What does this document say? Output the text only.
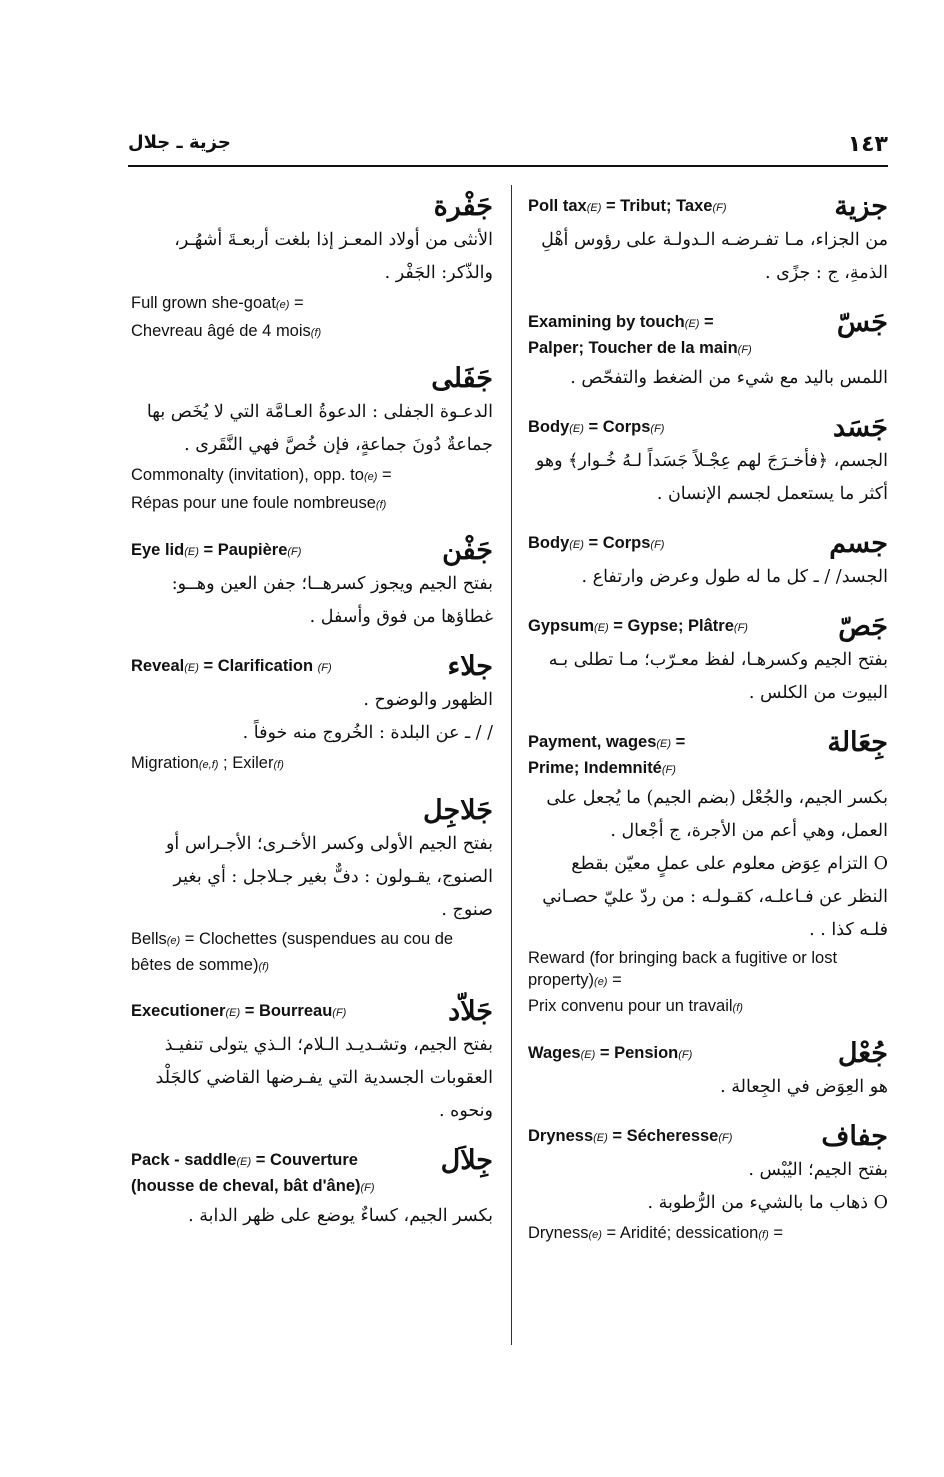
١٤٣
جزية ـ جلال
Poll tax(E) = Tribut; Taxe(F)	جزية
من الجزاء، مـا تفـرضـه الـدولـة على رؤوس أهْلِ الذمةِ، ج : جزًى .
Examining by touch(E) =
Palper; Toucher de la main(F)
جَسّ
اللمس باليد مع شيء من الضغط والتفحّص .
Body(E) = Corps(F)	جَسَد
الجسم، ﴿فأخـرَجَ لهم عِجْـلاً جَسَداً لـهُ خُـوار﴾ وهو أكثر ما يستعمل لجسم الإنسان .
Body(E) = Corps(F)	جسم
الجسد/ / ـ كل ما له طول وعرض وارتفاع .
Gypsum(E) = Gypse; Plâtre(F)	جَصّ
بفتح الجيم وكسرهـا، لفظ معـرّب؛ مـا تطلى بـه البيوت من الكلس .
Payment, wages(E) =
Prime; Indemnité(F)
جِعَالة
بكسر الجيم، والجُعْل (بضم الجيم) ما يُجعل على العمل، وهي أعم من الأجرة، ج أجْعال .
O التزام عِوَض معلوم على عملٍ معيّن بقطع النظر عن فـاعلـه، كقـولـه : من ردّ عليّ حصـاني فلـه كذا . .
Reward (for bringing back a fugitive or lost property)(e) =
Prix convenu pour un travail(f)
Wages(E) = Pension(F)	جُعْل
هو العِوَض في الجِعالة .
Dryness(E) = Sécheresse(F)	جفاف
بفتح الجيم؛ اليُبْس .
O ذهاب ما بالشيء من الرُّطوبة .
Dryness(e) = Aridité; dessication(f) =
جَفْرة
الأنثى من أولاد المعـز إذا بلغت أربعـةَ أشهُـر، والذّكر: الجَفْر .
Full grown she-goat(e) =
Chevreau âgé de 4 mois(f)
جَفَلى
الدعـوة الجفلى : الدعوةُ العـامَّة التي لا يُخَص بها جماعةٌ دُونَ جماعةٍ، فإن خُصَّ فهي النَّقَرى .
Commonalty (invitation), opp. to(e) =
Répas pour une foule nombreuse(f)
Eye lid(E) = Paupière(F)	جَفْن
بفتح الجيم ويجوز كسرهــا؛ جفن العين وهــو: غطاؤها من فوق وأسفل .
Reveal(E) = Clarification (F)	جلاء
الظهور والوضوح .
/ / ـ عن البلدة : الخُروج منه خوفاً .
Migration(e,f) ; Exiler(f)
جَلاجِل
بفتح الجيم الأولى وكسر الأخـرى؛ الأجـراس أو الصنوج، يقـولون : دفٌّ بغير جـلاجل : أي بغير صنوج .
Bells(e) = Clochettes (suspendues au cou de bêtes de somme)(f)
Executioner(E) = Bourreau(F)	جَلاّد
بفتح الجيم، وتشـديـد الـلام؛ الـذي يتولى تنفيـذ العقوبات الجسدية التي يفـرضها القاضي كالجَلْد ونحوه .
Pack - saddle(E) = Couverture (housse de cheval, bât d'âne)(F)
جِلاَل
بكسر الجيم، كساءٌ يوضع على ظهر الدابة .
